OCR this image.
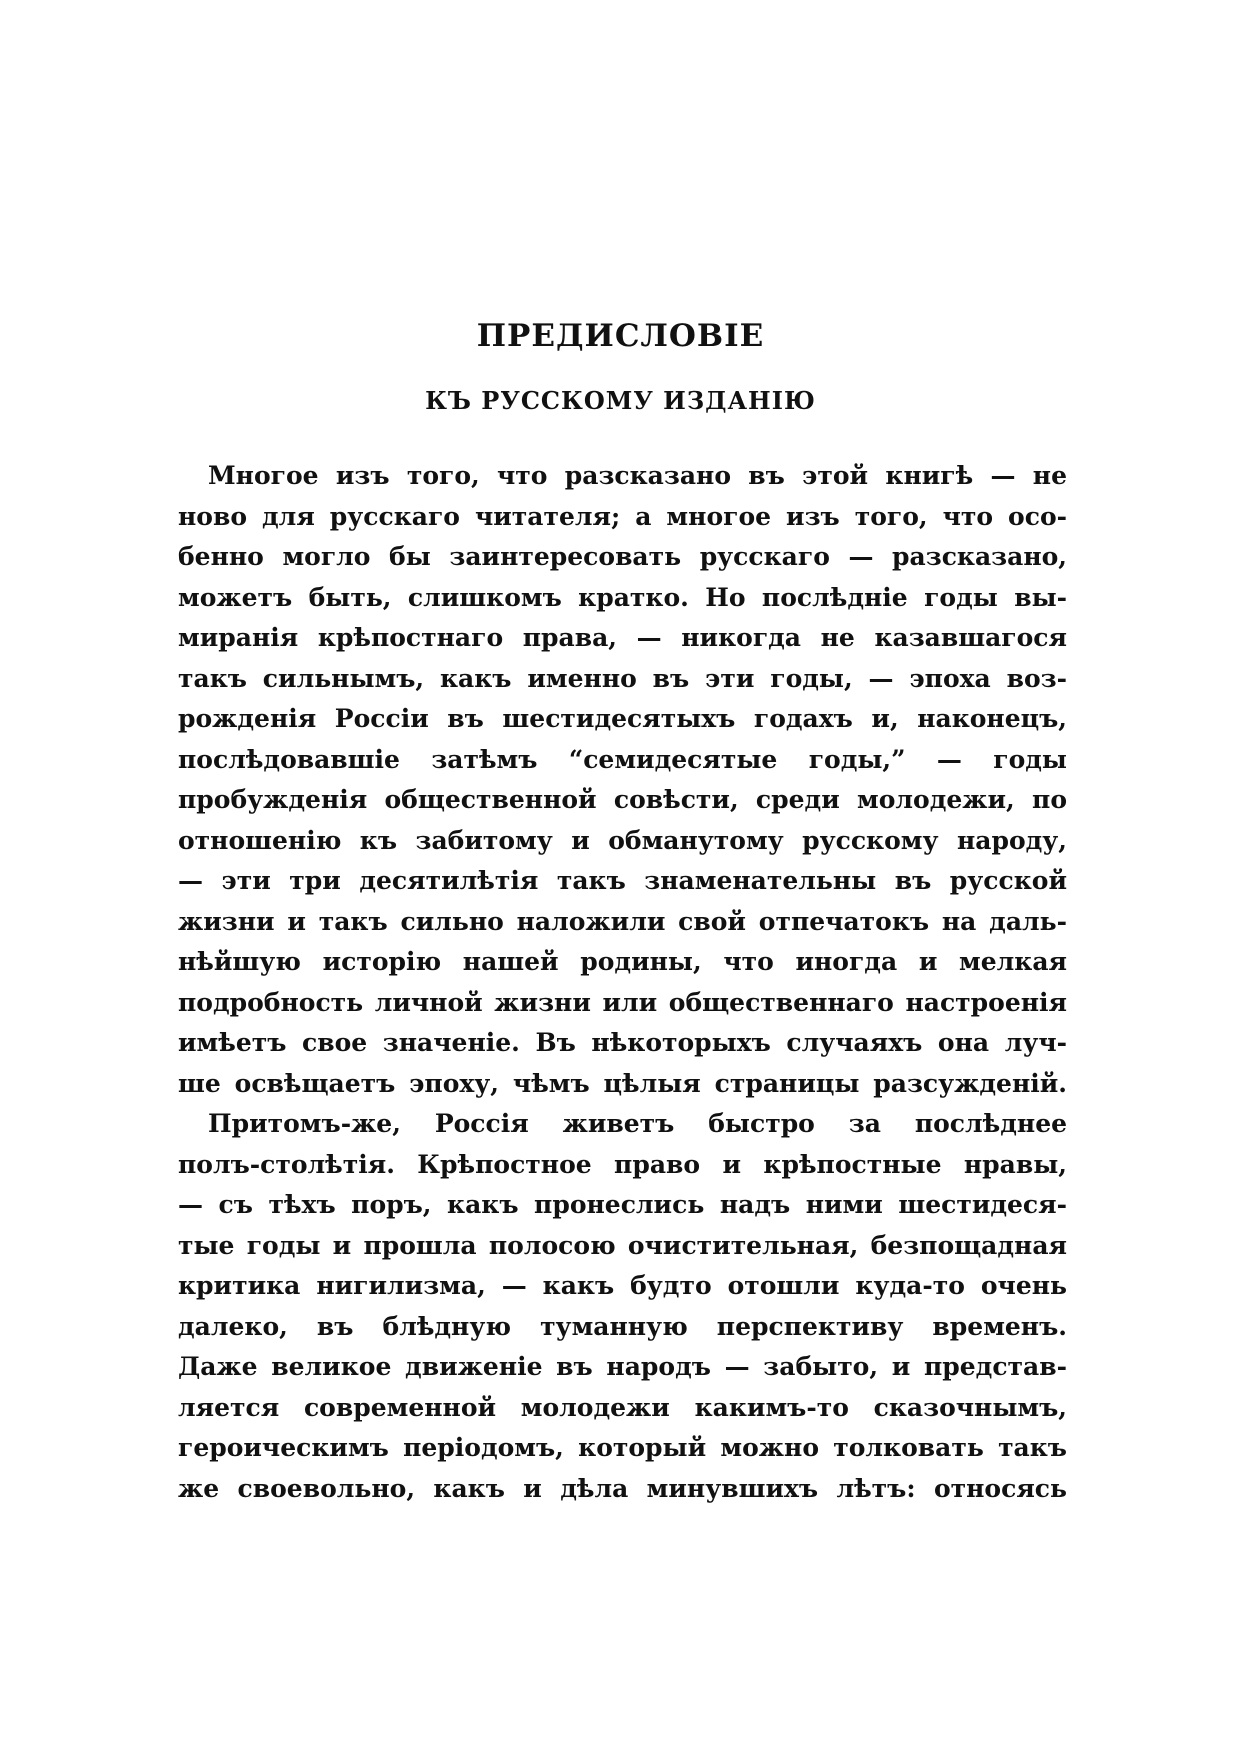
ПРЕДИСЛОВІЕ
КЪ РУССКОМУ ИЗДАНІЮ
Многое изъ того, что разсказано въ этой книгѣ — не
ново для русскаго читателя; а многое изъ того, что осо-
бенно могло бы заинтересовать русскаго — разсказано,
можетъ быть, слишкомъ кратко. Но послѣдніе годы вы-
миранія крѣпостнаго права, — никогда не казавшагося
такъ сильнымъ, какъ именно въ эти годы, — эпоха воз-
рожденія Россіи въ шестидесятыхъ годахъ и, наконецъ,
послѣдовавшіе затѣмъ “семидесятые годы,” — годы
пробужденія общественной совѣсти, среди молодежи, по
отношенію къ забитому и обманутому русскому народу,
— эти три десятилѣтія такъ знаменательны въ русской
жизни и такъ сильно наложили свой отпечатокъ на даль-
нѣйшую исторію нашей родины, что иногда и мелкая
подробность личной жизни или общественнаго настроенія
имѣетъ свое значеніе. Въ нѣкоторыхъ случаяхъ она луч-
ше освѣщаетъ эпоху, чѣмъ цѣлыя страницы разсужденій.
Притомъ-же, Россія живетъ быстро за послѣднее
полъ-столѣтія. Крѣпостное право и крѣпостные нравы,
— съ тѣхъ поръ, какъ пронеслись надъ ними шестидеся-
тые годы и прошла полосою очистительная, безпощадная
критика нигилизма, — какъ будто отошли куда-то очень
далеко, въ блѣдную туманную перспективу временъ.
Даже великое движеніе въ народъ — забыто, и представ-
ляется современной молодежи какимъ-то сказочнымъ,
героическимъ періодомъ, который можно толковать такъ
же своевольно, какъ и дѣла минувшихъ лѣтъ: относясь
